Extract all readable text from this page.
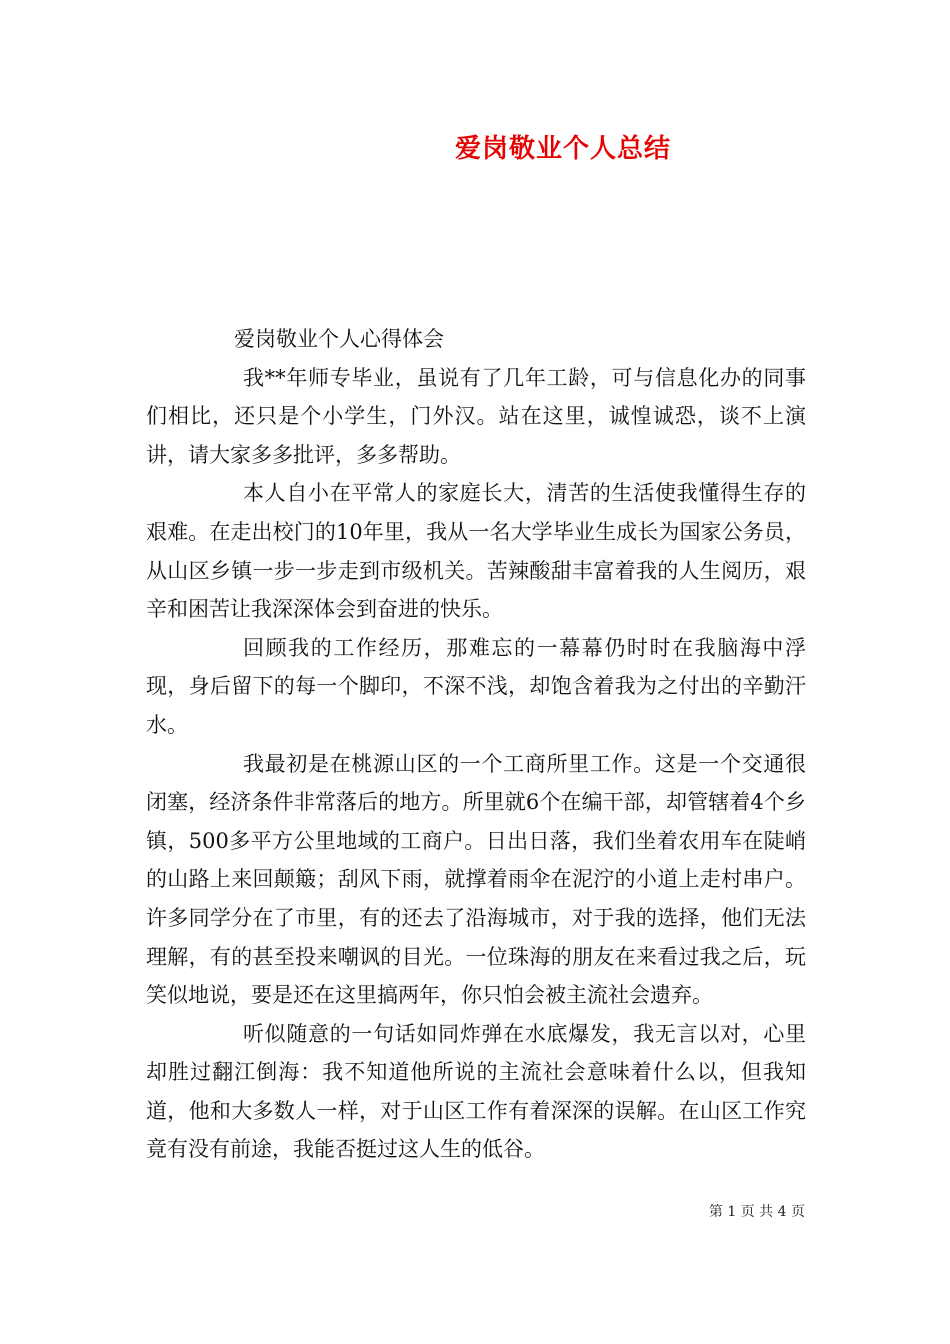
爱岗敬业个人总结

爱岗敬业个人心得体会

我**年师专毕业，虽说有了几年工龄，可与信息化办的同事们相比，还只是个小学生，门外汉。站在这里，诚惶诚恐，谈不上演讲，请大家多多批评，多多帮助。

本人自小在平常人的家庭长大，清苦的生活使我懂得生存的艰难。在走出校门的10年里，我从一名大学毕业生成长为国家公务员，从山区乡镇一步一步走到市级机关。苦辣酸甜丰富着我的人生阅历，艰辛和困苦让我深深体会到奋进的快乐。

回顾我的工作经历，那难忘的一幕幕仍时时在我脑海中浮现，身后留下的每一个脚印，不深不浅，却饱含着我为之付出的辛勤汗水。

我最初是在桃源山区的一个工商所里工作。这是一个交通很闭塞，经济条件非常落后的地方。所里就6个在编干部，却管辖着4个乡镇，500多平方公里地域的工商户。日出日落，我们坐着农用车在陡峭的山路上来回颠簸；刮风下雨，就撑着雨伞在泥泞的小道上走村串户。许多同学分在了市里，有的还去了沿海城市，对于我的选择，他们无法理解，有的甚至投来嘲讽的目光。一位珠海的朋友在来看过我之后，玩笑似地说，要是还在这里搞两年，你只怕会被主流社会遗弃。

听似随意的一句话如同炸弹在水底爆发，我无言以对，心里却胜过翻江倒海：我不知道他所说的主流社会意味着什么以，但我知道，他和大多数人一样，对于山区工作有着深深的误解。在山区工作究竟有没有前途，我能否挺过这人生的低谷。

第 1 页 共 4 页
